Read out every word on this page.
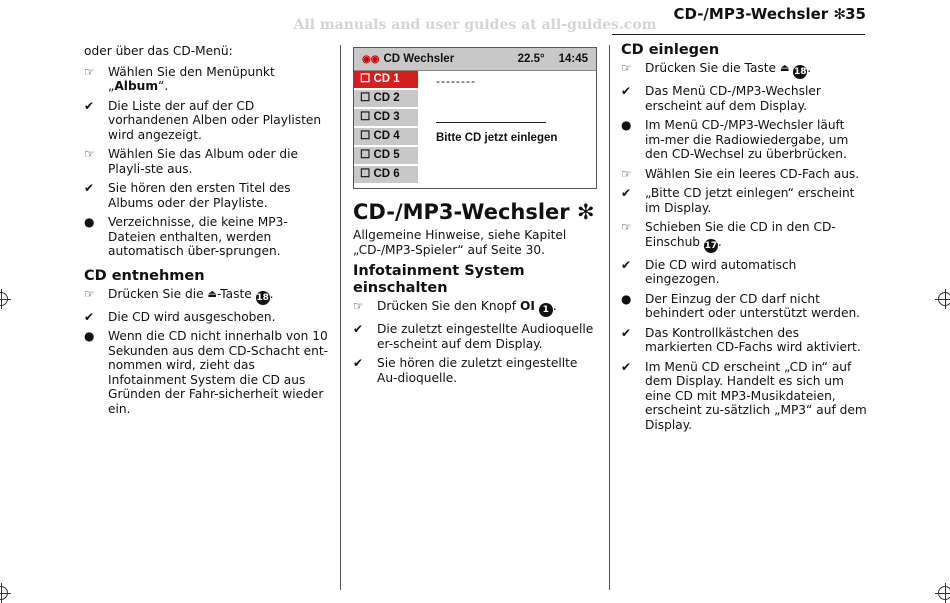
All manuals and user guides at all-guides.com
CD-/MP3-Wechsler ✻ 35

oder über das CD-Menü:

☞	Wählen Sie den Menüpunkt „Album“.
✔	Die Liste der auf der CD vorhandenen Alben oder Playlisten wird angezeigt.
☞	Wählen Sie das Album oder die Playli-ste aus.
✔	Sie hören den ersten Titel des Albums oder der Playliste.
●	Verzeichnisse, die keine MP3-Dateien enthalten, werden automatisch über-sprungen.
CD entnehmen
☞	Drücken Sie die ⏏-Taste 18.
✔	Die CD wird ausgeschoben.
●	Wenn die CD nicht innerhalb von 10 Sekunden aus dem CD-Schacht ent-nommen wird, zieht das Infotainment System die CD aus Gründen der Fahr-sicherheit wieder ein.
◉◉ CD Wechsler	22.5° 14:45
☐ CD 1
☐ CD 2
☐ CD 3
☐ CD 4
☐ CD 5
☐ CD 6
--------
Bitte CD jetzt einlegen
CD-/MP3-Wechsler ✻

Allgemeine Hinweise, siehe Kapitel „CD-/MP3-Spieler“ auf Seite 30.

Infotainment System einschalten
☞	Drücken Sie den Knopf OI 1 .
✔	Die zuletzt eingestellte Audioquelle er-scheint auf dem Display.
✔	Sie hören die zuletzt eingestellte Au-dioquelle.
CD einlegen
☞	Drücken Sie die Taste ⏏ 18.
✔	Das Menü CD-/MP3-Wechsler erscheint auf dem Display.
●	Im Menü CD-/MP3-Wechsler läuft im-mer die Radiowiedergabe, um den CD-Wechsel zu überbrücken.
☞	Wählen Sie ein leeres CD-Fach aus.
✔	„Bitte CD jetzt einlegen“ erscheint im Display.
☞	Schieben Sie die CD in den CD-Einschub 17.
✔	Die CD wird automatisch eingezogen.
●	Der Einzug der CD darf nicht behindert oder unterstützt werden.
✔	Das Kontrollkästchen des markierten CD-Fachs wird aktiviert.
✔	Im Menü CD erscheint „CD in“ auf dem Display. Handelt es sich um eine CD mit MP3-Musikdateien, erscheint zu-sätzlich „MP3“ auf dem Display.
